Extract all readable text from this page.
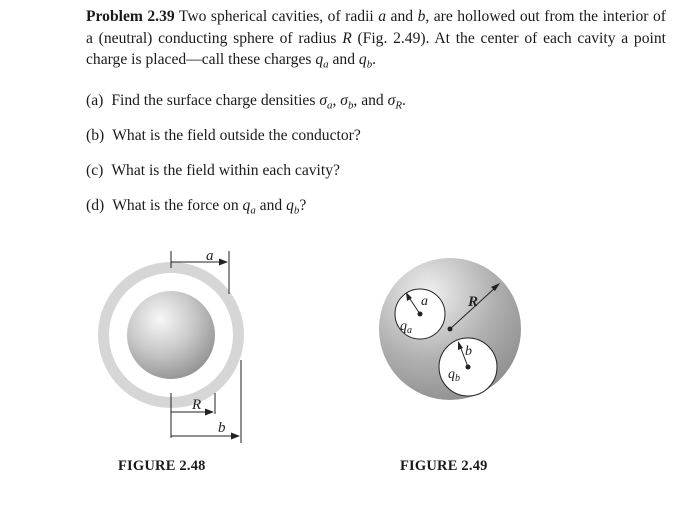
Problem 2.39 Two spherical cavities, of radii a and b, are hollowed out from the interior of a (neutral) conducting sphere of radius R (Fig. 2.49). At the center of each cavity a point charge is placed—call these charges $q_a$ and $q_b$.
(a) Find the surface charge densities $\sigma_a$, $\sigma_b$, and $\sigma_R$.
(b) What is the field outside the conductor?
(c) What is the field within each cavity?
(d) What is the force on $q_a$ and $q_b$?
a
R
b
a
$q_a$
b
$q_b$
R
FIGURE 2.48	FIGURE 2.49
